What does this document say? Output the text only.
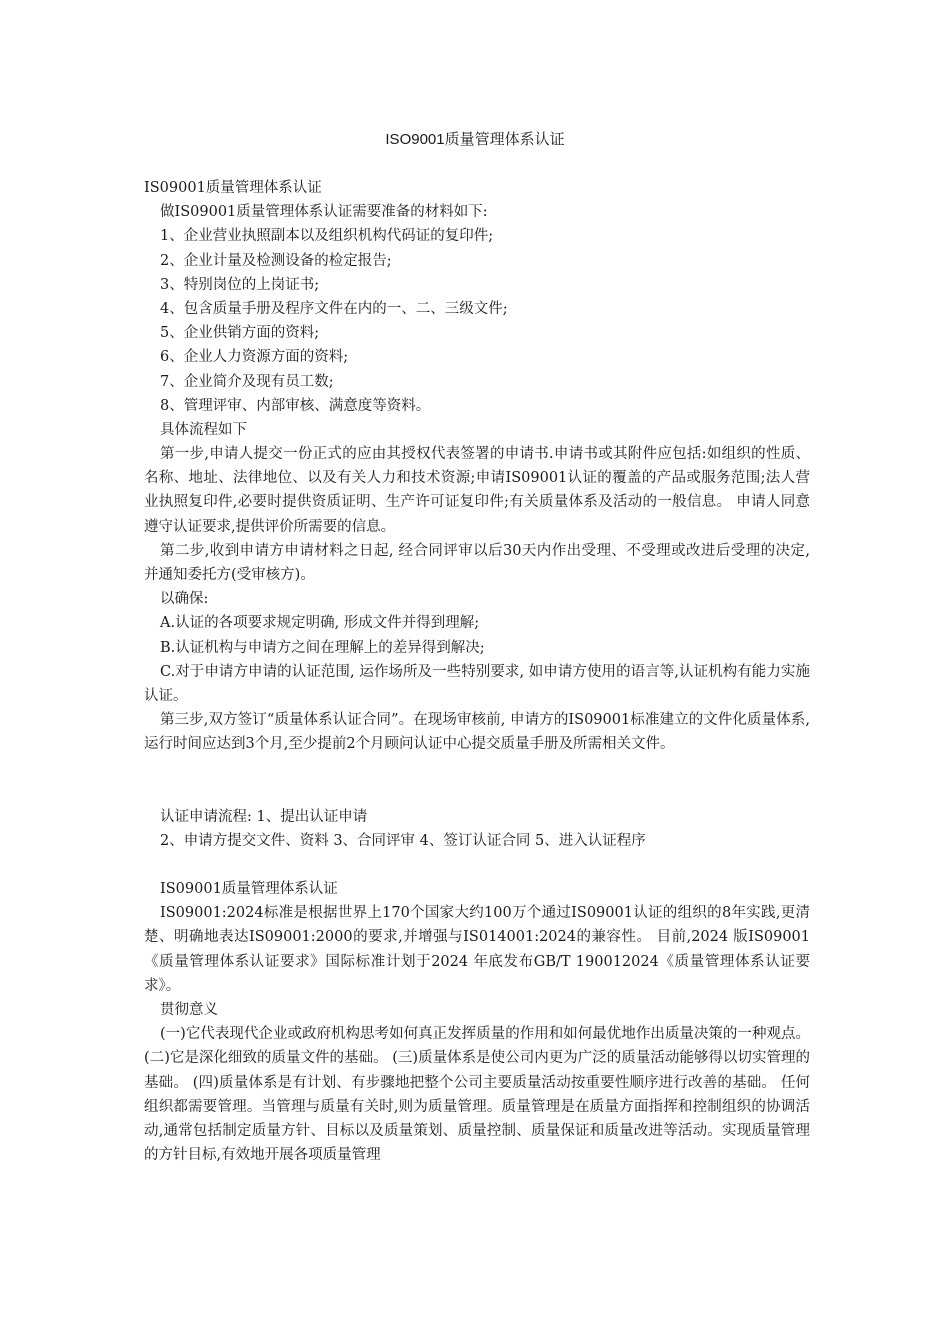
ISO9001质量管理体系认证
IS09001质量管理体系认证
做IS09001质量管理体系认证需要准备的材料如下:
1、企业营业执照副本以及组织机构代码证的复印件;
2、企业计量及检测设备的检定报告;
3、特别岗位的上岗证书;
4、包含质量手册及程序文件在内的一、二、三级文件;
5、企业供销方面的资料;
6、企业人力资源方面的资料;
7、企业简介及现有员工数;
8、管理评审、内部审核、满意度等资料。
具体流程如下

第一步,申请人提交一份正式的应由其授权代表签署的申请书.申请书或其附件应包括:如组织的性质、名称、地址、法律地位、以及有关人力和技术资源;申请IS09001认证的覆盖的产品或服务范围;法人营业执照复印件,必要时提供资质证明、生产许可证复印件;有关质量体系及活动的一般信息。 申请人同意遵守认证要求,提供评价所需要的信息。

第二步,收到申请方申请材料之日起, 经合同评审以后30天内作出受理、不受理或改进后受理的决定, 并通知委托方(受审核方)。

以确保:
A.认证的各项要求规定明确, 形成文件并得到理解;
B.认证机构与申请方之间在理解上的差异得到解决;

C.对于申请方申请的认证范围, 运作场所及一些特别要求, 如申请方使用的语言等,认证机构有能力实施认证。

第三步,双方签订“质量体系认证合同”。在现场审核前, 申请方的IS09001标准建立的文件化质量体系,运行时间应达到3个月,至少提前2个月顾问认证中心提交质量手册及所需相关文件。

认证申请流程: 1、提出认证申请
2、申请方提交文件、资料 3、合同评审 4、签订认证合同 5、进入认证程序
IS09001质量管理体系认证

IS09001:2024标准是根据世界上170个国家大约100万个通过IS09001认证的组织的8年实践,更清楚、明确地表达IS09001:2000的要求,并增强与IS014001:2024的兼容性。 目前,2024 版IS09001《质量管理体系认证要求》国际标准计划于2024 年底发布GB/T 190012024《质量管理体系认证要求》。

贯彻意义

(一)它代表现代企业或政府机构思考如何真正发挥质量的作用和如何最优地作出质量决策的一种观点。 (二)它是深化细致的质量文件的基础。 (三)质量体系是使公司内更为广泛的质量活动能够得以切实管理的基础。 (四)质量体系是有计划、有步骤地把整个公司主要质量活动按重要性顺序进行改善的基础。 任何组织都需要管理。当管理与质量有关时,则为质量管理。质量管理是在质量方面指挥和控制组织的协调活动,通常包括制定质量方针、目标以及质量策划、质量控制、质量保证和质量改进等活动。实现质量管理的方针目标,有效地开展各项质量管理
